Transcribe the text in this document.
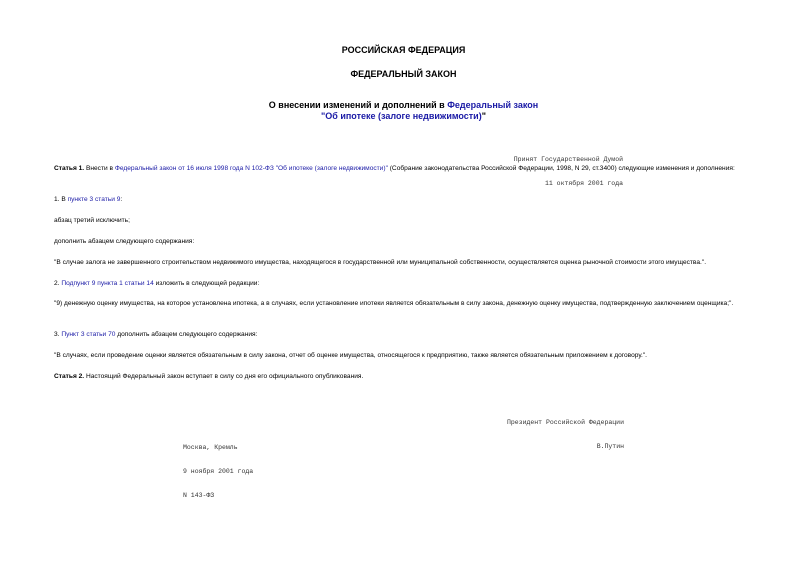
РОССИЙСКАЯ ФЕДЕРАЦИЯ
ФЕДЕРАЛЬНЫЙ ЗАКОН
О внесении изменений и дополнений в Федеральный закон
"Об ипотеке (залоге недвижимости)"

Принят Государственной Думой

11 октября 2001 года

Статья 1. Внести в Федеральный закон от 16 июля 1998 года N 102-ФЗ "Об ипотеке (залоге недвижимости)" (Собрание законодательства Российской Федерации, 1998, N 29, ст.3400) следующие изменения и дополнения:
1. В пункте 3 статьи 9:
абзац третий исключить;
дополнить абзацем следующего содержания:
"В случае залога не завершенного строительством недвижимого имущества, находящегося в государственной или муниципальной собственности, осуществляется оценка рыночной стоимости этого имущества.".
2. Подпункт 9 пункта 1 статьи 14 изложить в следующей редакции:
"9) денежную оценку имущества, на которое установлена ипотека, а в случаях, если установление ипотеки является обязательным в силу закона, денежную оценку имущества, подтвержденную заключением оценщика;".
3. Пункт 3 статьи 70 дополнить абзацем следующего содержания:
"В случаях, если проведение оценки является обязательным в силу закона, отчет об оценке имущества, относящегося к предприятию, также является обязательным приложением к договору.".
Статья 2. Настоящий Федеральный закон вступает в силу со дня его официального опубликования.

Президент Российской Федерации

В.Путин

Москва, Кремль

9 ноября 2001 года

N 143-ФЗ
